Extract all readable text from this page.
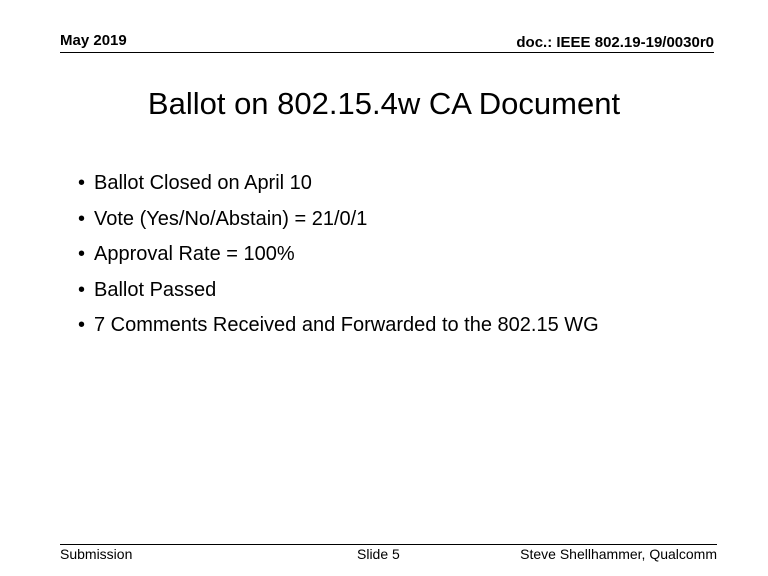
May 2019	doc.: IEEE 802.19-19/0030r0
Ballot on 802.15.4w CA Document
• Ballot Closed on April 10
• Vote (Yes/No/Abstain) = 21/0/1
• Approval Rate = 100%
• Ballot Passed
• 7 Comments Received and Forwarded to the 802.15 WG
Submission	Slide 5	Steve Shellhammer, Qualcomm
